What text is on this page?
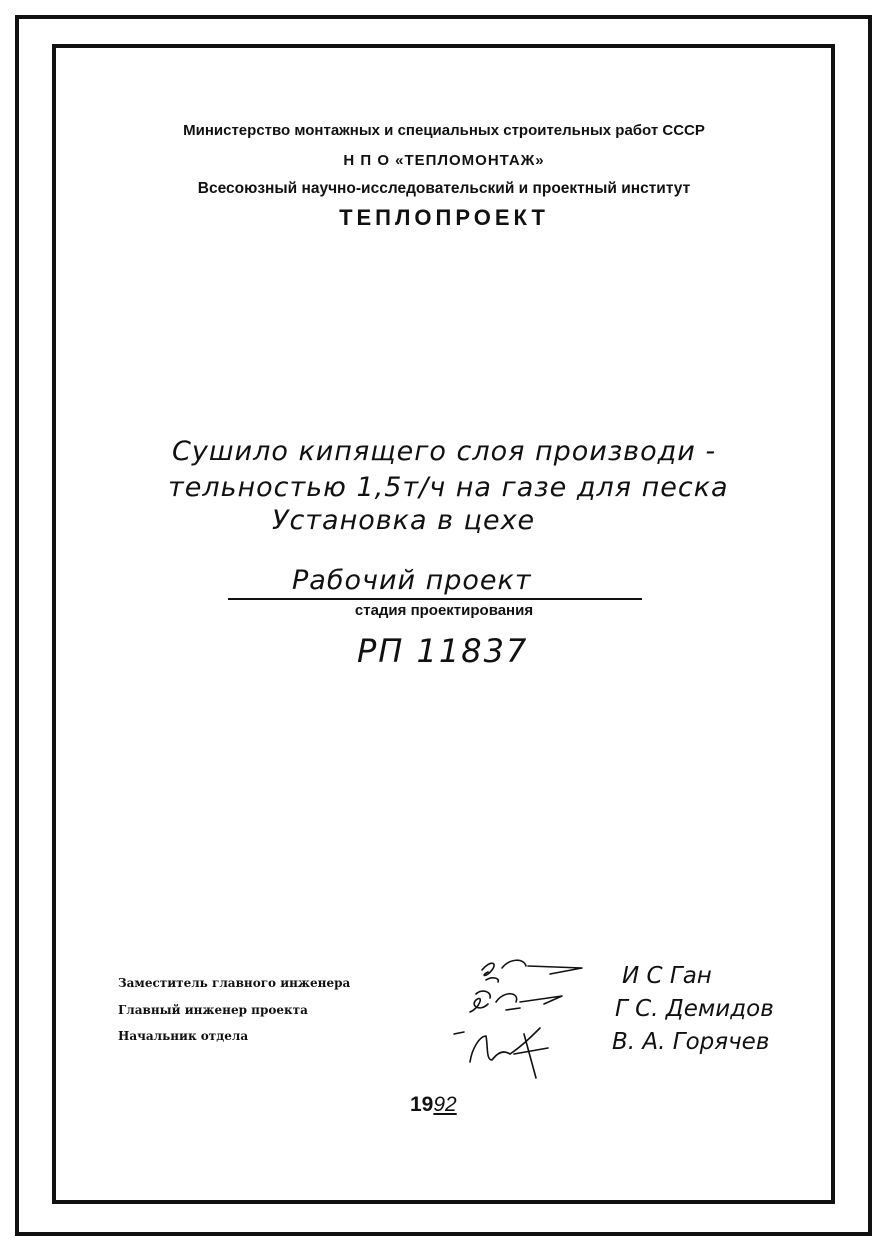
Министерство монтажных и специальных строительных работ СССР
Н П О «ТЕПЛОМОНТАЖ»
Всесоюзный научно-исследовательский и проектный институт
ТЕПЛОПРОЕКТ
Сушило кипящего слоя производи -
тельностью 1,5т/ч на газе для песка
Установка в цехе
Рабочий проект
стадия проектирования
РП 11837
Заместитель главного инженера
Главный инженер проекта
Начальник отдела
И С Ган
Г С. Демидов
В. А. Горячев
1992
